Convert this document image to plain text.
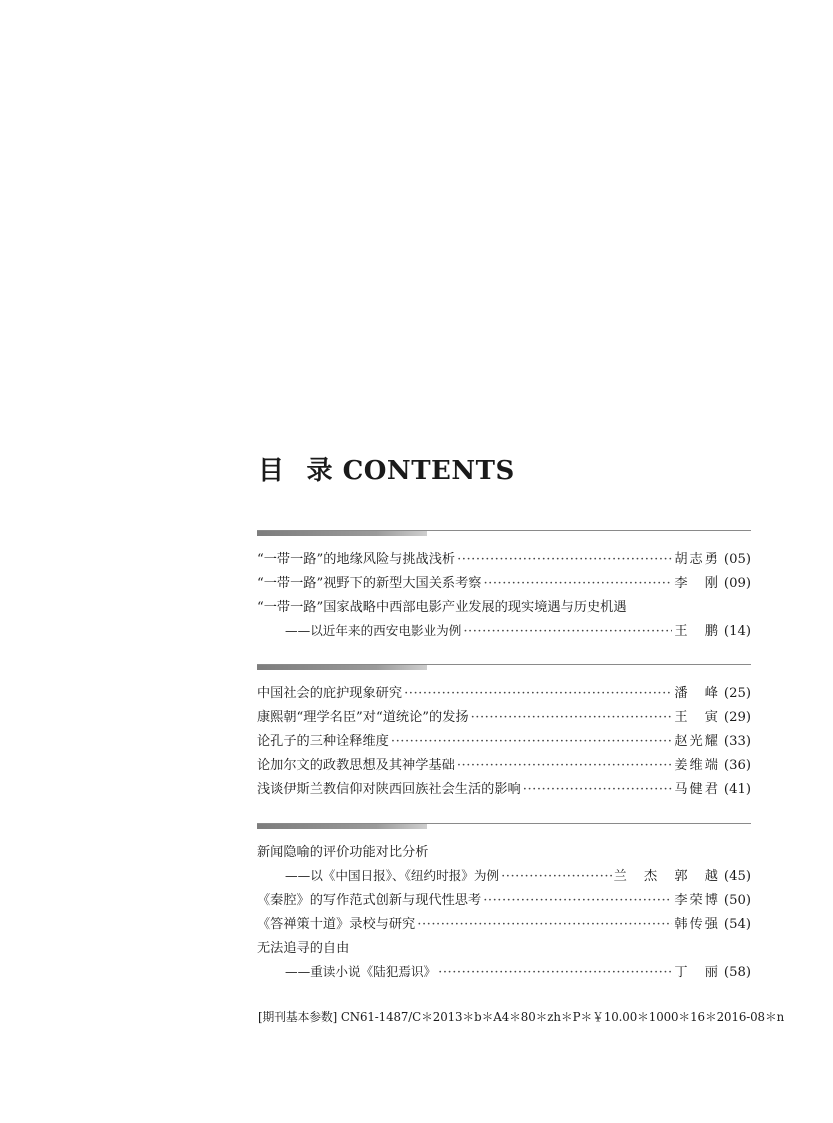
目 录 CONTENTS
“一带一路”的地缘风险与挑战浅析 ·····	胡志勇 (05)
“一带一路”视野下的新型大国关系考察 ·····	李　刚 (09)
“一带一路”国家战略中西部电影产业发展的现实境遇与历史机遇
——以近年来的西安电影业为例 ·····	王　鹏 (14)
中国社会的庇护现象研究 ·····	潘　峰 (25)
康熙朝“理学名臣”对“道统论”的发扬 ·····	王　寅 (29)
论孔子的三种诠释维度 ·····	赵光耀 (33)
论加尔文的政教思想及其神学基础 ·····	姜维端 (36)
浅谈伊斯兰教信仰对陕西回族社会生活的影响 ·····	马健君 (41)
新闻隐喻的评价功能对比分析
——以《中国日报》、《纽约时报》为例 ·····	兰　杰　郭　越 (45)
《秦腔》的写作范式创新与现代性思考 ·····	李荣博 (50)
《答禅策十道》录校与研究 ·····	韩传强 (54)
无法追寻的自由
——重读小说《陆犯焉识》 ·····	丁　丽 (58)
[期刊基本参数] CN61-1487/C＊2013＊b＊A4＊80＊zh＊P＊￥10.00＊1000＊16＊2016-08＊n
